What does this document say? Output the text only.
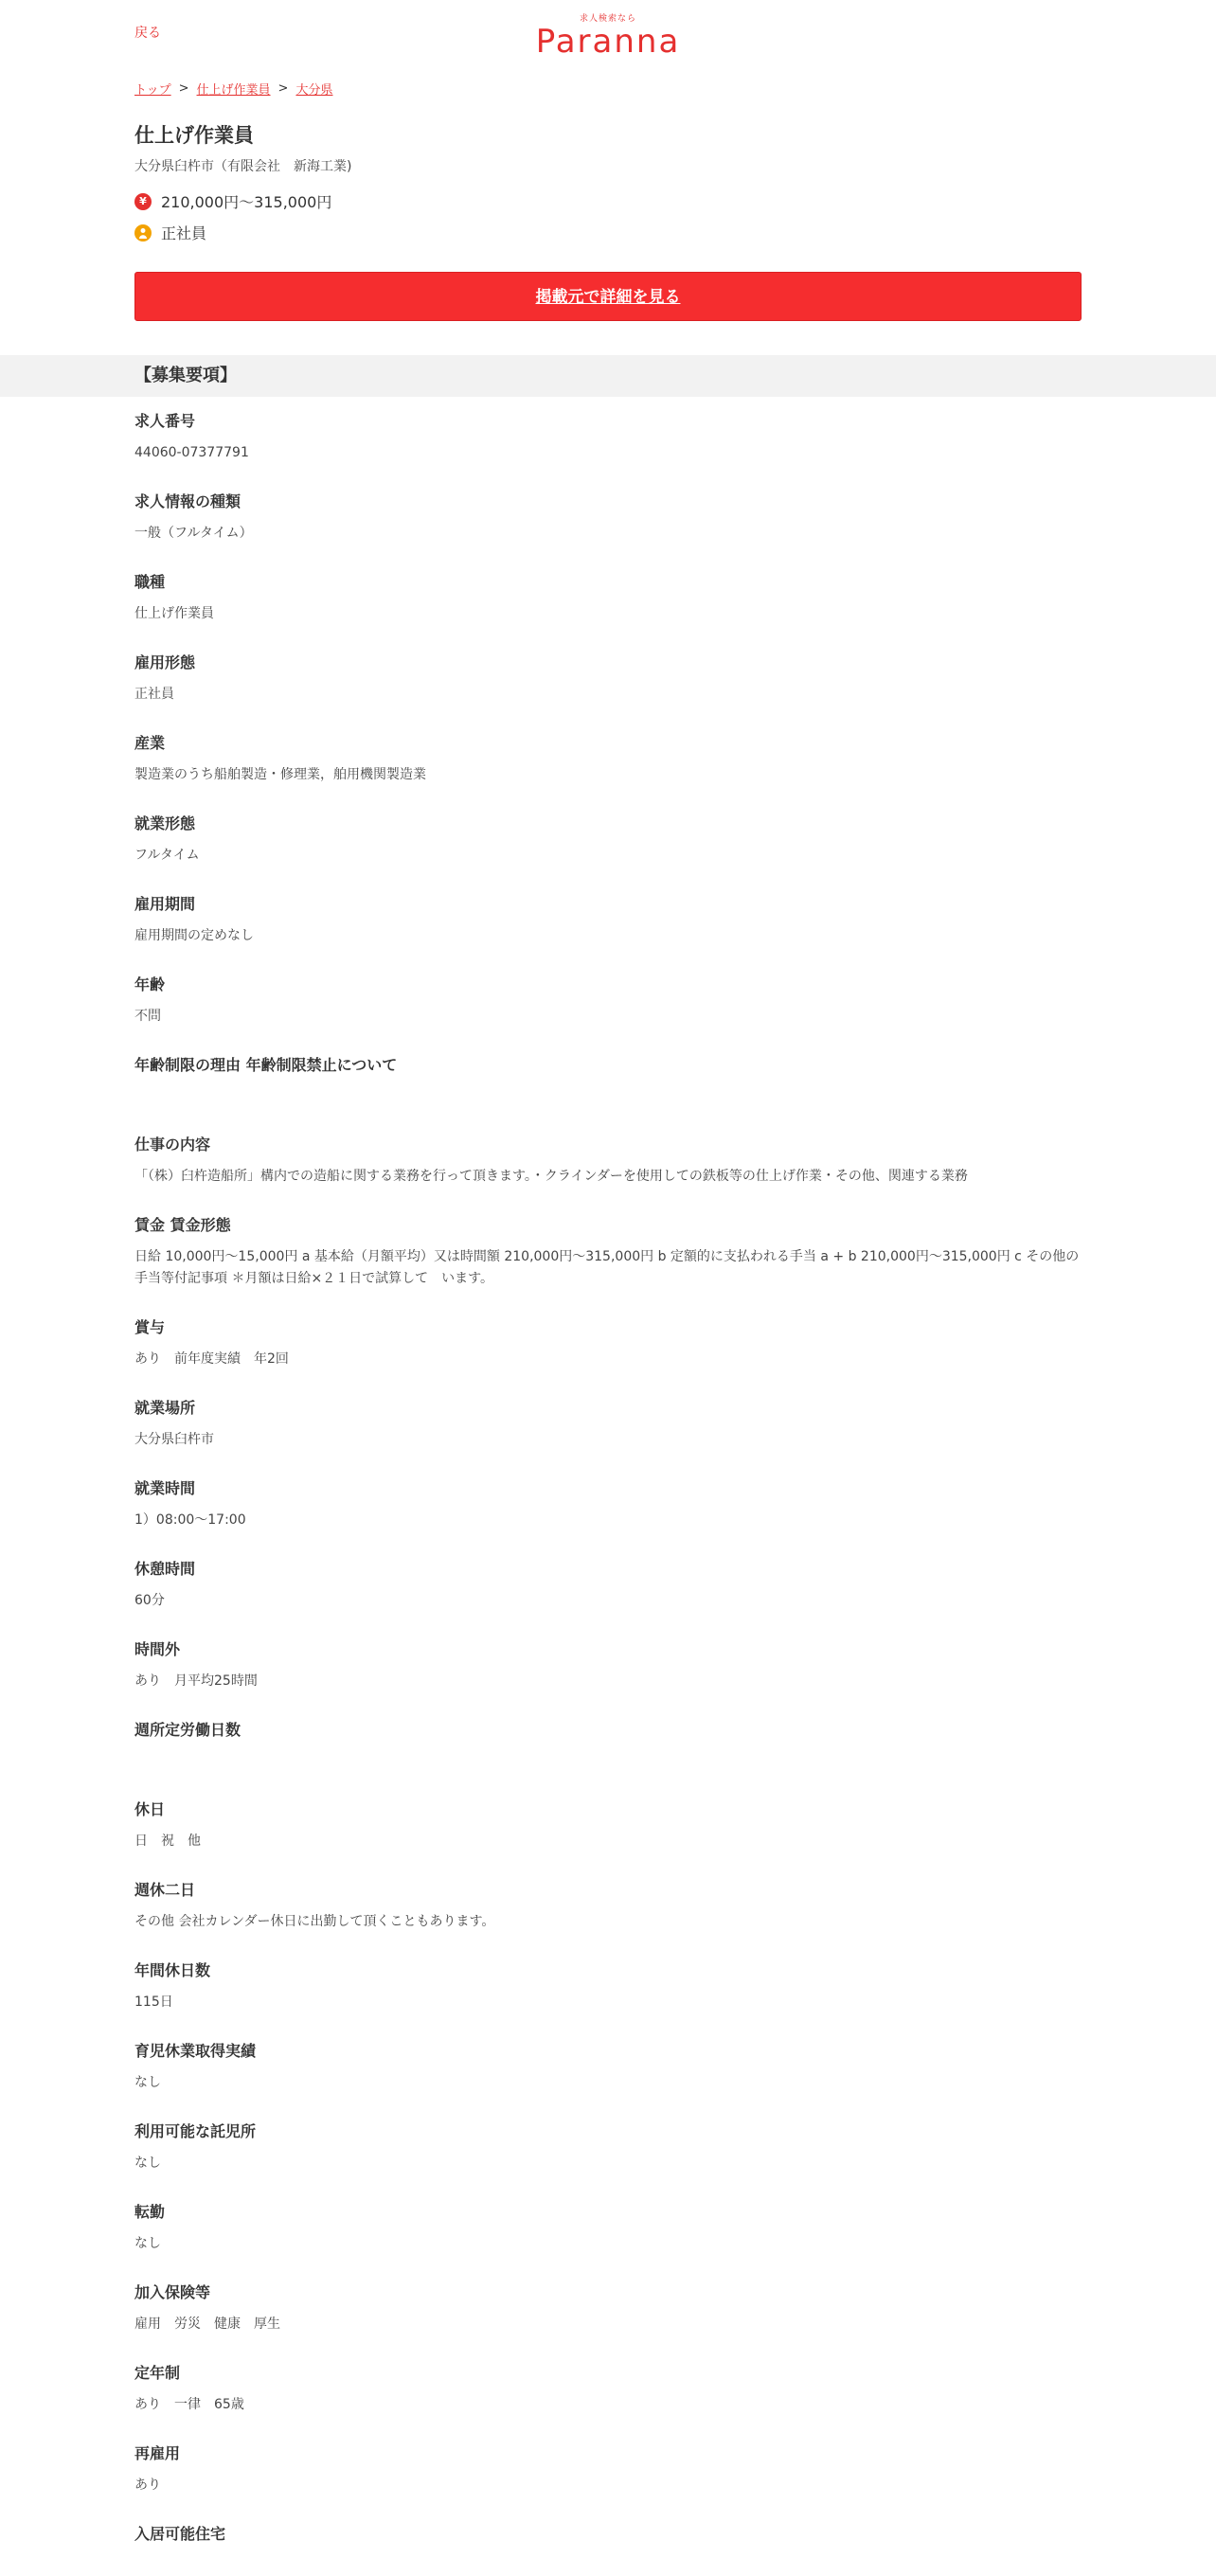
戻る
求人検索なら
Paranna
トップ > 仕上げ作業員 > 大分県
仕上げ作業員
大分県臼杵市（有限会社　新海工業)
¥ 210,000円～315,000円
正社員
掲載元で詳細を見る
【募集要項】
求人番号
44060-07377791
求人情報の種類
一般（フルタイム）
職種
仕上げ作業員
雇用形態
正社員
産業
製造業のうち船舶製造・修理業，舶用機関製造業
就業形態
フルタイム
雇用期間
雇用期間の定めなし
年齢
不問
年齢制限の理由 年齢制限禁止について
仕事の内容
「（株）臼杵造船所」構内での造船に関する業務を行って頂きます。・クラインダーを使用しての鉄板等の仕上げ作業・その他、関連する業務
賃金 賃金形態
日給 10,000円～15,000円 a 基本給（月額平均）又は時間額 210,000円～315,000円 b 定額的に支払われる手当 a + b 210,000円～315,000円 c その他の手当等付記事項 ＊月額は日給×２１日で試算して　います。
賞与
あり　前年度実績　年2回
就業場所
大分県臼杵市
就業時間
1）08:00～17:00
休憩時間
60分
時間外
あり　月平均25時間
週所定労働日数
休日
日　祝　他
週休二日
その他 会社カレンダー休日に出勤して頂くこともあります。
年間休日数
115日
育児休業取得実績
なし
利用可能な託児所
なし
転勤
なし
加入保険等
雇用　労災　健康　厚生
定年制
あり　一律　65歳
再雇用
あり
入居可能住宅
